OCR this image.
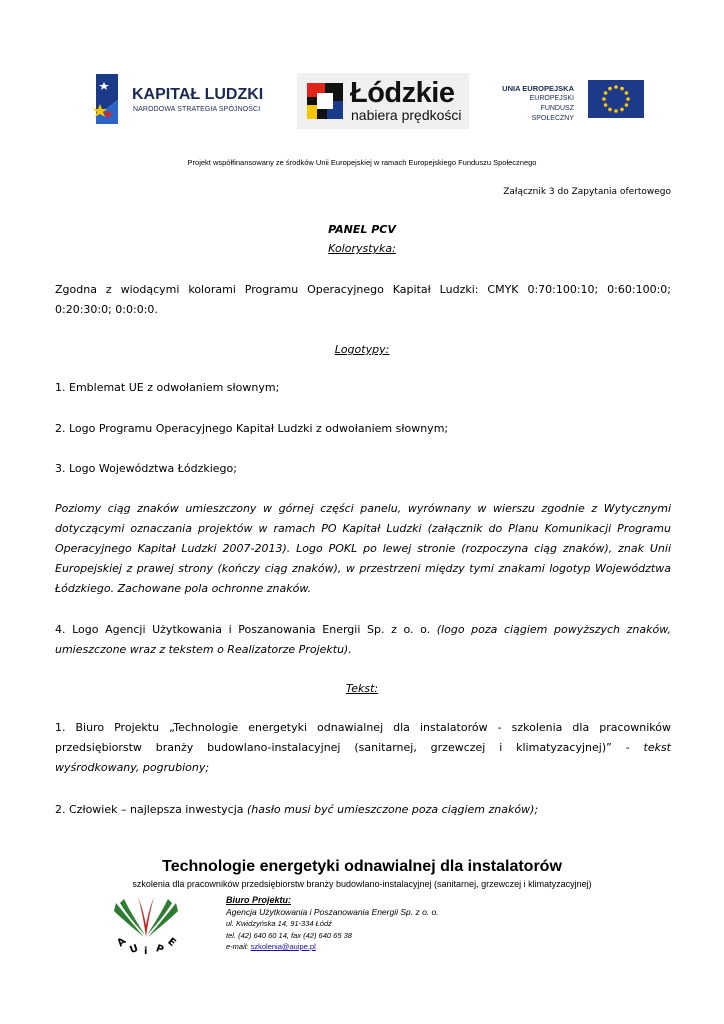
KAPITAŁ LUDZKI
NARODOWA STRATEGIA SPÓJNOŚCI
Łódzkie
nabiera prędkości
UNIA EUROPEJSKA
EUROPEJSKI
FUNDUSZ SPOŁECZNY
Projekt współfinansowany ze środków Unii Europejskiej w ramach Europejskiego Funduszu Społecznego
Załącznik 3 do Zapytania ofertowego
PANEL PCV
Kolorystyka:
Zgodna z wiodącymi kolorami Programu Operacyjnego Kapitał Ludzki: CMYK 0:70:100:10; 0:60:100:0; 0:20:30:0; 0:0:0:0.
Logotypy:
1. Emblemat UE z odwołaniem słownym;
2. Logo Programu Operacyjnego Kapitał Ludzki z odwołaniem słownym;
3. Logo Województwa Łódzkiego;
Poziomy ciąg znaków umieszczony w górnej części panelu, wyrównany w wierszu zgodnie z Wytycznymi dotyczącymi oznaczania projektów w ramach PO Kapitał Ludzki (załącznik do Planu Komunikacji Programu Operacyjnego Kapitał Ludzki 2007-2013). Logo POKL po lewej stronie (rozpoczyna ciąg znaków), znak Unii Europejskiej z prawej strony (kończy ciąg znaków), w przestrzeni między tymi znakami logotyp Województwa Łódzkiego. Zachowane pola ochronne znaków.
4. Logo Agencji Użytkowania i Poszanowania Energii Sp. z o. o. (logo poza ciągiem powyższych znaków, umieszczone wraz z tekstem o Realizatorze Projektu).
Tekst:
1. Biuro Projektu „Technologie energetyki odnawialnej dla instalatorów - szkolenia dla pracowników przedsiębiorstw branży budowlano-instalacyjnej (sanitarnej, grzewczej i klimatyzacyjnej)” - tekst wyśrodkowany, pogrubiony;
2. Człowiek – najlepsza inwestycja (hasło musi być umieszczone poza ciągiem znaków);
Technologie energetyki odnawialnej dla instalatorów
szkolenia dla pracowników przedsiębiorstw branży budowlano-instalacyjnej (sanitarnej, grzewczej i klimatyzacyjnej)
A
U i P
E
Biuro Projektu:
Agencja Użytkowania i Poszanowania Energii Sp. z o. o.
ul. Kwidzyńska 14, 91-334 Łódź
tel. (42) 640 60 14, fax (42) 640 65 38
e-mail: szkolenia@auipe.pl
